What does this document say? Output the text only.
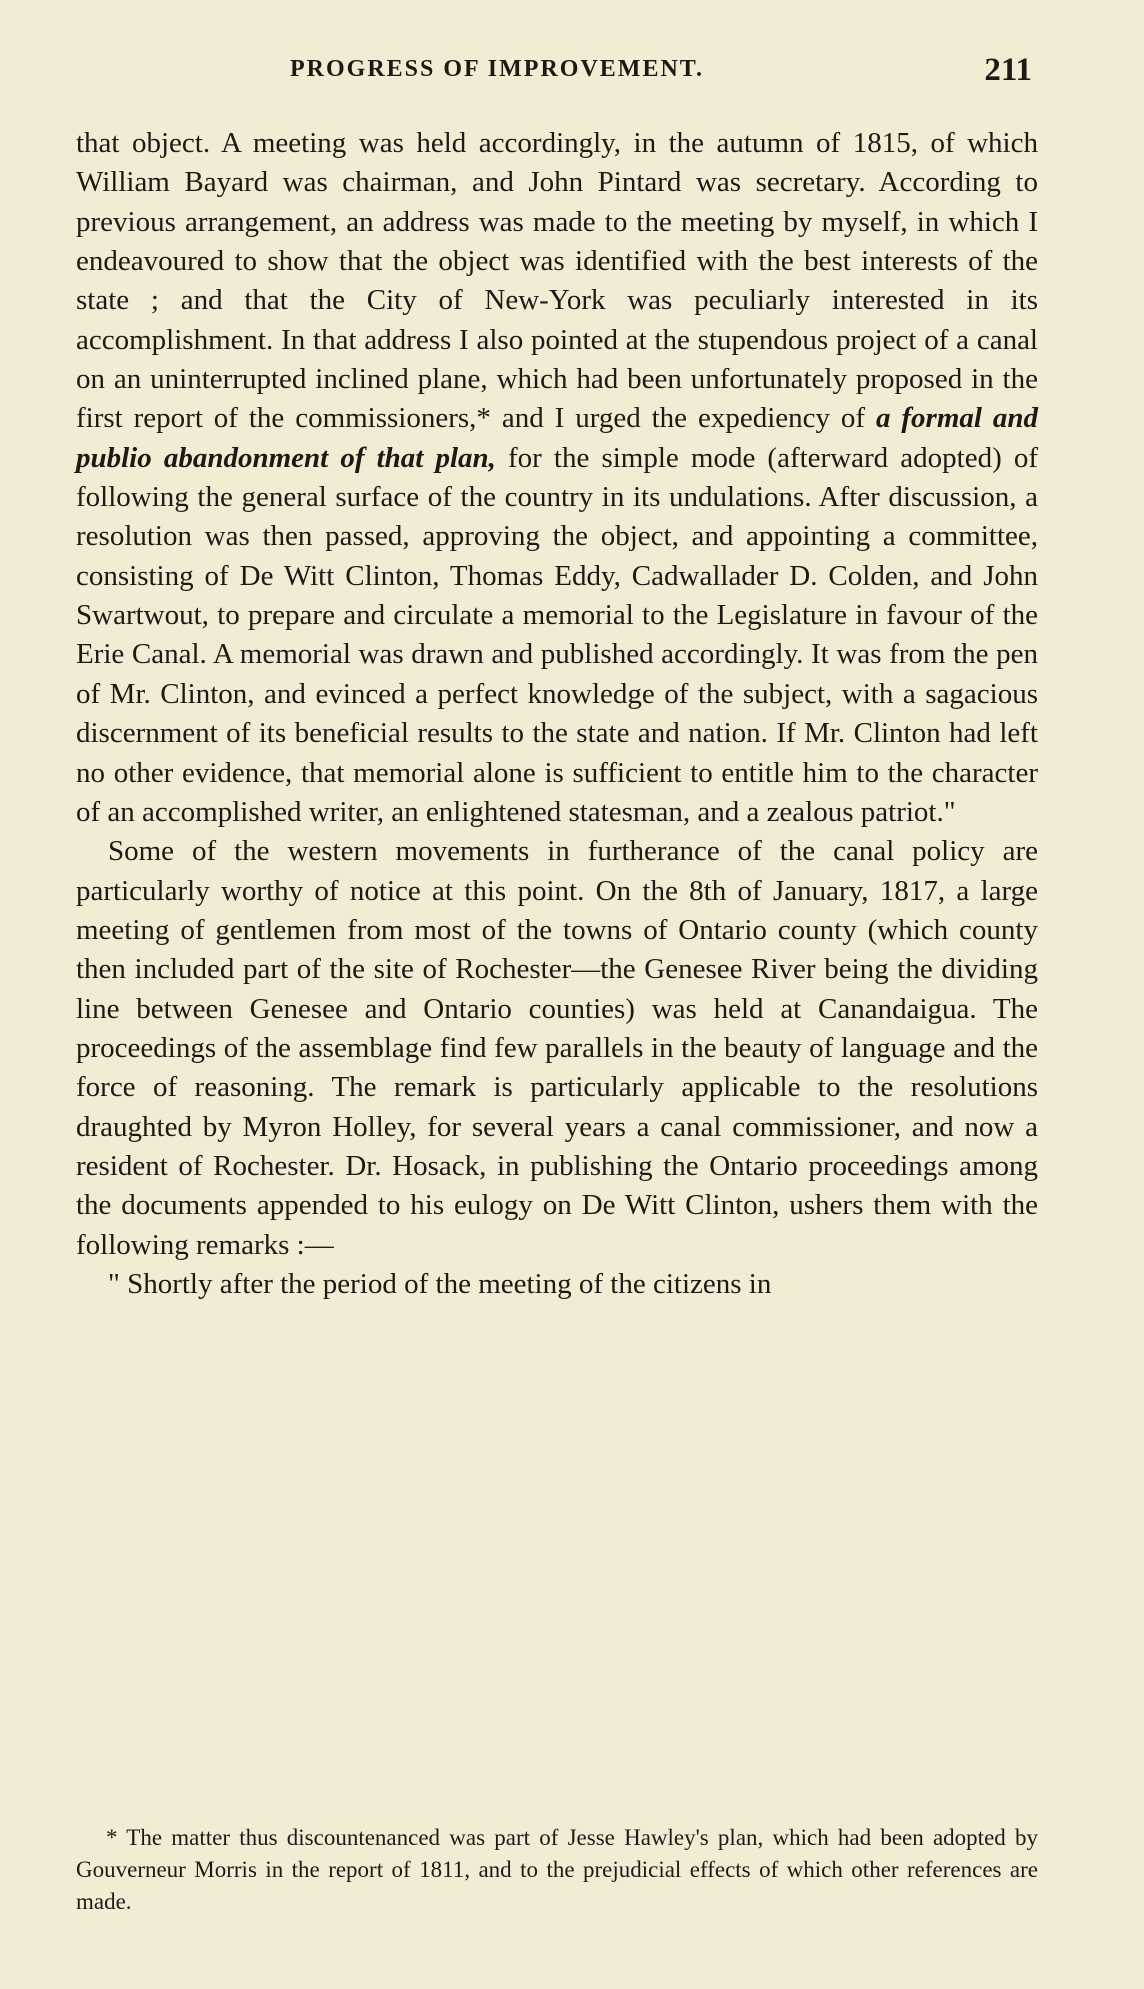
PROGRESS OF IMPROVEMENT.	211

that object. A meeting was held accordingly, in the autumn of 1815, of which William Bayard was chairman, and John Pintard was secretary. According to previous arrangement, an address was made to the meeting by myself, in which I endeavoured to show that the object was identified with the best interests of the state ; and that the City of New-York was peculiarly interested in its accomplishment. In that address I also pointed at the stupendous project of a canal on an uninterrupted inclined plane, which had been unfortunately proposed in the first report of the commissioners,* and I urged the expediency of a formal and publio abandonment of that plan, for the simple mode (afterward adopted) of following the general surface of the country in its undulations. After discussion, a resolution was then passed, approving the object, and appointing a committee, consisting of De Witt Clinton, Thomas Eddy, Cadwallader D. Colden, and John Swartwout, to prepare and circulate a memorial to the Legislature in favour of the Erie Canal. A memorial was drawn and published accordingly. It was from the pen of Mr. Clinton, and evinced a perfect knowledge of the subject, with a sagacious discernment of its beneficial results to the state and nation. If Mr. Clinton had left no other evidence, that memorial alone is sufficient to entitle him to the character of an accomplished writer, an enlightened statesman, and a zealous patriot."

Some of the western movements in furtherance of the canal policy are particularly worthy of notice at this point. On the 8th of January, 1817, a large meeting of gentlemen from most of the towns of Ontario county (which county then included part of the site of Rochester—the Genesee River being the dividing line between Genesee and Ontario counties) was held at Canandaigua. The proceedings of the assemblage find few parallels in the beauty of language and the force of reasoning. The remark is particularly applicable to the resolutions draughted by Myron Holley, for several years a canal commissioner, and now a resident of Rochester. Dr. Hosack, in publishing the Ontario proceedings among the documents appended to his eulogy on De Witt Clinton, ushers them with the following remarks :—

" Shortly after the period of the meeting of the citizens in

* The matter thus discountenanced was part of Jesse Hawley's plan, which had been adopted by Gouverneur Morris in the report of 1811, and to the prejudicial effects of which other references are made.
